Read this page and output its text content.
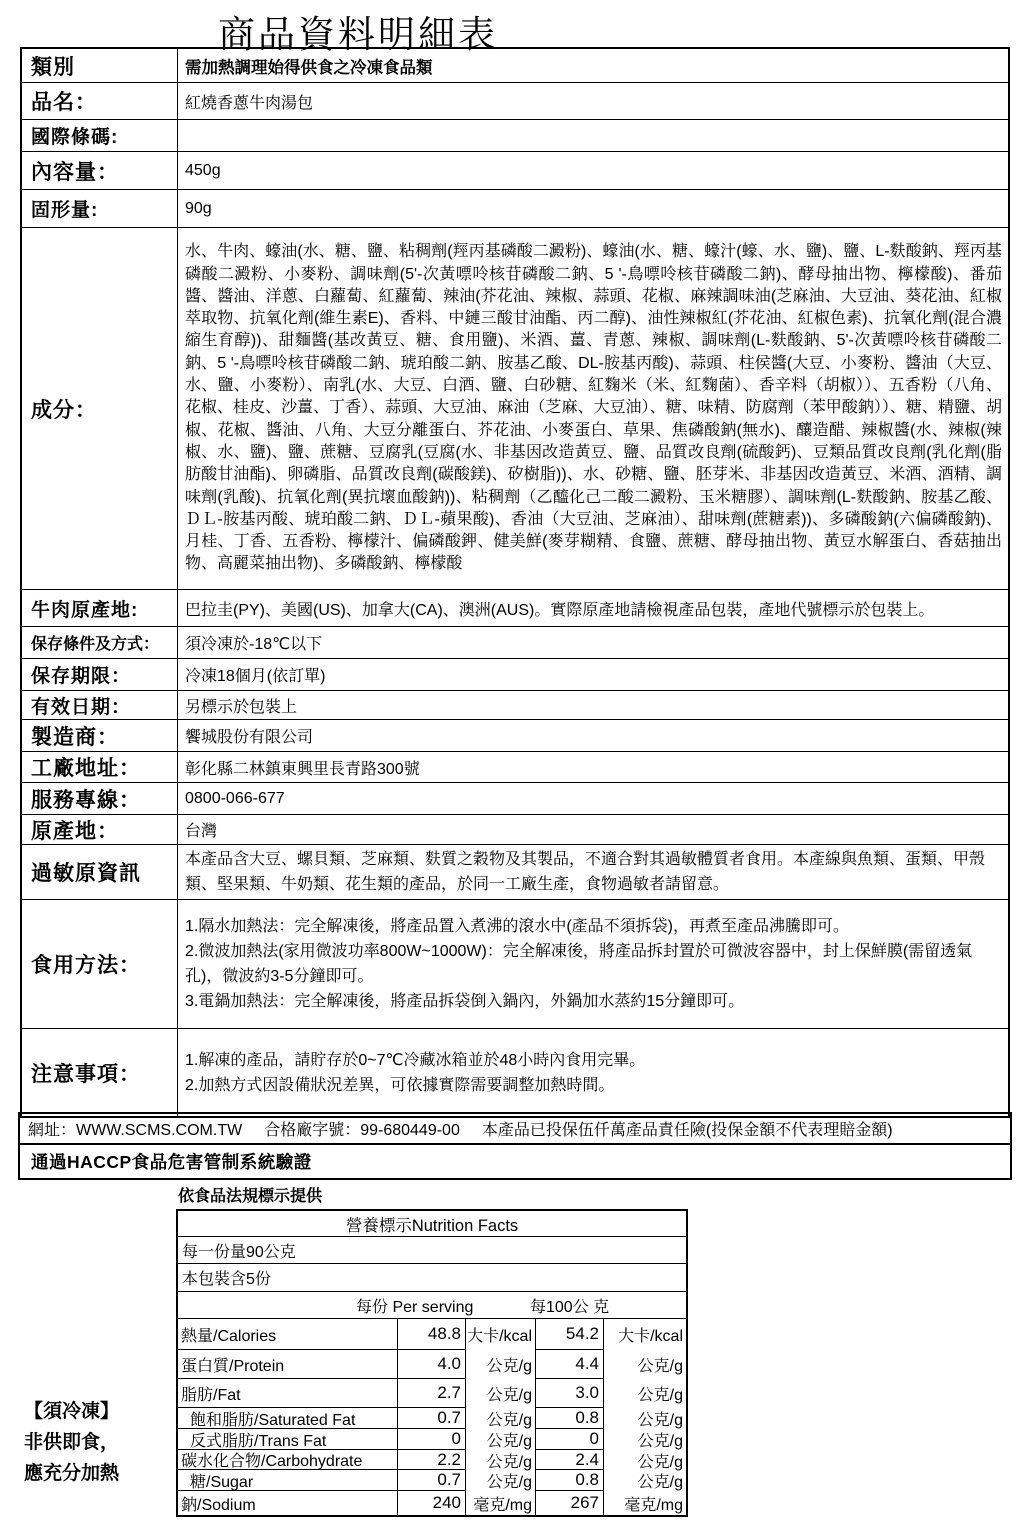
商品資料明細表
類別	需加熱調理始得供食之冷凍食品類
品名：	紅燒香蔥牛肉湯包
國際條碼:
內容量：	450g
固形量:	90g
成分：
水、牛肉、蠔油(水、糖、鹽、粘稠劑(羥丙基磷酸二澱粉)、蠔油(水、糖、蠔汁(蠔、水、鹽)、鹽、L-麩酸鈉、羥丙基磷酸二澱粉、小麥粉、調味劑(5'-次黃嘌呤核苷磷酸二鈉、5 '-鳥嘌呤核苷磷酸二鈉)、酵母抽出物、檸檬酸)、番茄醬、醬油、洋蔥、白蘿蔔、紅蘿蔔、辣油(芥花油、辣椒、蒜頭、花椒、麻辣調味油(芝麻油、大豆油、葵花油、紅椒萃取物、抗氧化劑(維生素E)、香料、中鏈三酸甘油酯、丙二醇)、油性辣椒紅(芥花油、紅椒色素)、抗氧化劑(混合濃縮生育醇))、甜麵醬(基改黃豆、糖、食用鹽)、米酒、薑、青蔥、辣椒、調味劑(L-麩酸鈉、5'-次黃嘌呤核苷磷酸二鈉、5 '-鳥嘌呤核苷磷酸二鈉、琥珀酸二鈉、胺基乙酸、DL-胺基丙酸)、蒜頭、柱侯醬(大豆、小麥粉、醬油（大豆、水、鹽、小麥粉）、南乳(水、大豆、白酒、鹽、白砂糖、紅麴米（米、紅麴菌）、香辛料（胡椒））、五香粉（八角、花椒、桂皮、沙薑、丁香）、蒜頭、大豆油、麻油（芝麻、大豆油）、糖、味精、防腐劑（苯甲酸鈉））、糖、精鹽、胡椒、花椒、醬油、八角、大豆分離蛋白、芥花油、小麥蛋白、草果、焦磷酸鈉(無水)、釀造醋、辣椒醬(水、辣椒(辣椒、水、鹽)、鹽、蔗糖、豆腐乳(豆腐(水、非基因改造黃豆、鹽、品質改良劑(硫酸鈣)、豆類品質改良劑(乳化劑(脂肪酸甘油酯)、卵磷脂、品質改良劑(碳酸鎂)、矽樹脂))、水、砂糖、鹽、胚芽米、非基因改造黃豆、米酒、酒精、調味劑(乳酸)、抗氧化劑(異抗壞血酸鈉))、粘稠劑（乙醯化己二酸二澱粉、玉米糖膠）、調味劑(L-麩酸鈉、胺基乙酸、ＤＬ-胺基丙酸、琥珀酸二鈉、ＤＬ-蘋果酸)、香油（大豆油、芝麻油）、甜味劑(蔗糖素))、多磷酸鈉(六偏磷酸鈉)、月桂、丁香、五香粉、檸檬汁、偏磷酸鉀、健美鮮(麥芽糊精、食鹽、蔗糖、酵母抽出物、黃豆水解蛋白、香菇抽出物、高麗菜抽出物)、多磷酸鈉、檸檬酸
牛肉原產地:	巴拉圭(PY)、美國(US)、加拿大(CA)、澳洲(AUS)。實際原產地請檢視產品包裝，產地代號標示於包裝上。
保存條件及方式：	須冷凍於-18℃以下
保存期限：	冷凍18個月(依訂單)
有效日期：	另標示於包裝上
製造商：	饗城股份有限公司
工廠地址：	彰化縣二林鎮東興里長青路300號
服務專線：	0800-066-677
原產地：	台灣
過敏原資訊
本產品含大豆、螺貝類、芝麻類、麩質之穀物及其製品，不適合對其過敏體質者食用。本產線與魚類、蛋類、甲殼類、堅果類、牛奶類、花生類的產品，於同一工廠生產，食物過敏者請留意。
食用方法：
1.隔水加熱法：完全解凍後，將產品置入煮沸的滾水中(產品不須拆袋)，再煮至產品沸騰即可。
2.微波加熱法(家用微波功率800W~1000W)：完全解凍後，將產品拆封置於可微波容器中，封上保鮮膜(需留透氣孔)，微波約3-5分鐘即可。
3.電鍋加熱法：完全解凍後，將產品拆袋倒入鍋內，外鍋加水蒸約15分鐘即可。
注意事項：
1.解凍的產品，請貯存於0~7℃冷藏冰箱並於48小時內食用完畢。
2.加熱方式因設備狀況差異，可依據實際需要調整加熱時間。
網址：WWW.SCMS.COM.TW 合格廠字號：99-680449-00 本產品已投保伍仟萬產品責任險(投保金額不代表理賠金額)
通過HACCP食品危害管制系統驗證
依食品法規標示提供
營養標示Nutrition Facts
每一份量90公克
本包裝含5份
每份 Per serving	每100公 克
熱量/Calories	48.8 大卡/kcal	54.2	大卡/kcal
蛋白質/Protein	4.0	公克/g	4.4	公克/g
脂肪/Fat	2.7	公克/g	3.0	公克/g
飽和脂肪/Saturated Fat	0.7	公克/g	0.8	公克/g
反式脂肪/Trans Fat	0	公克/g	0	公克/g
碳水化合物/Carbohydrate	2.2	公克/g	2.4	公克/g
糖/Sugar	0.7	公克/g	0.8	公克/g
鈉/Sodium	240 毫克/mg	267	毫克/mg
【須冷凍】
非供即食，
應充分加熱
